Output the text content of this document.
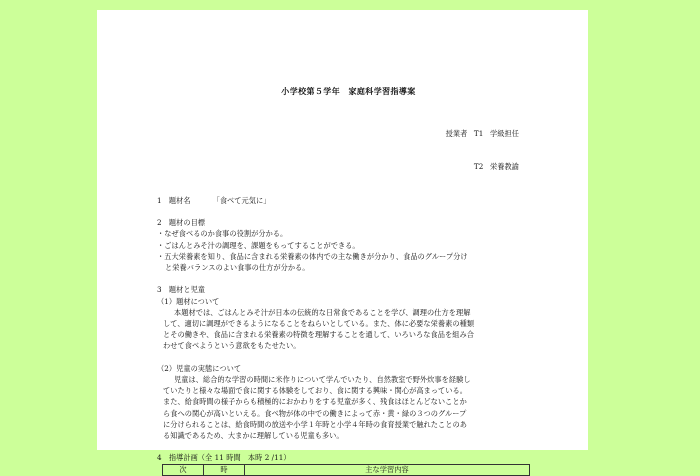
小学校第５学年　家庭科学習指導案

授業者 T1 学級担任

T2 栄養教諭

1　題材名	「食べて元気に」
2　題材の目標
・なぜ食べるのか食事の役割が分かる。
・ごはんとみそ汁の調理を、課題をもってすることができる。
・五大栄養素を知り、食品に含まれる栄養素の体内での主な働きが分かり、食品のグループ分け
と栄養バランスのよい食事の仕方が分かる。
3　題材と児童
（1）題材について
本題材では、ごはんとみそ汁が日本の伝統的な日常食であることを学び、調理の仕方を理解
して、適切に調理ができるようになることをねらいとしている。また、体に必要な栄養素の種類
とその働きや、食品に含まれる栄養素の特徴を理解することを通して、いろいろな食品を組み合
わせて食べようという意欲をもたせたい。
（2）児童の実態について
児童は、総合的な学習の時間に米作りについて学んでいたり、自然教室で野外炊事を経験し
ていたりと様々な場面で食に関する体験をしており、食に関する興味・関心が高まっている。
また、給食時間の様子からも積極的におかわりをする児童が多く、残食はほとんどないことか
ら食への関心が高いといえる。食べ物が体の中での働きによって赤・黄・緑の３つのグループ
に分けられることは、給食時間の放送や小学１年時と小学４年時の食育授業で触れたことのあ
る知識であるため、大まかに理解している児童も多い。
4　指導計画（全 11 時間　本時 2 /11）
次	時	主な学習内容
